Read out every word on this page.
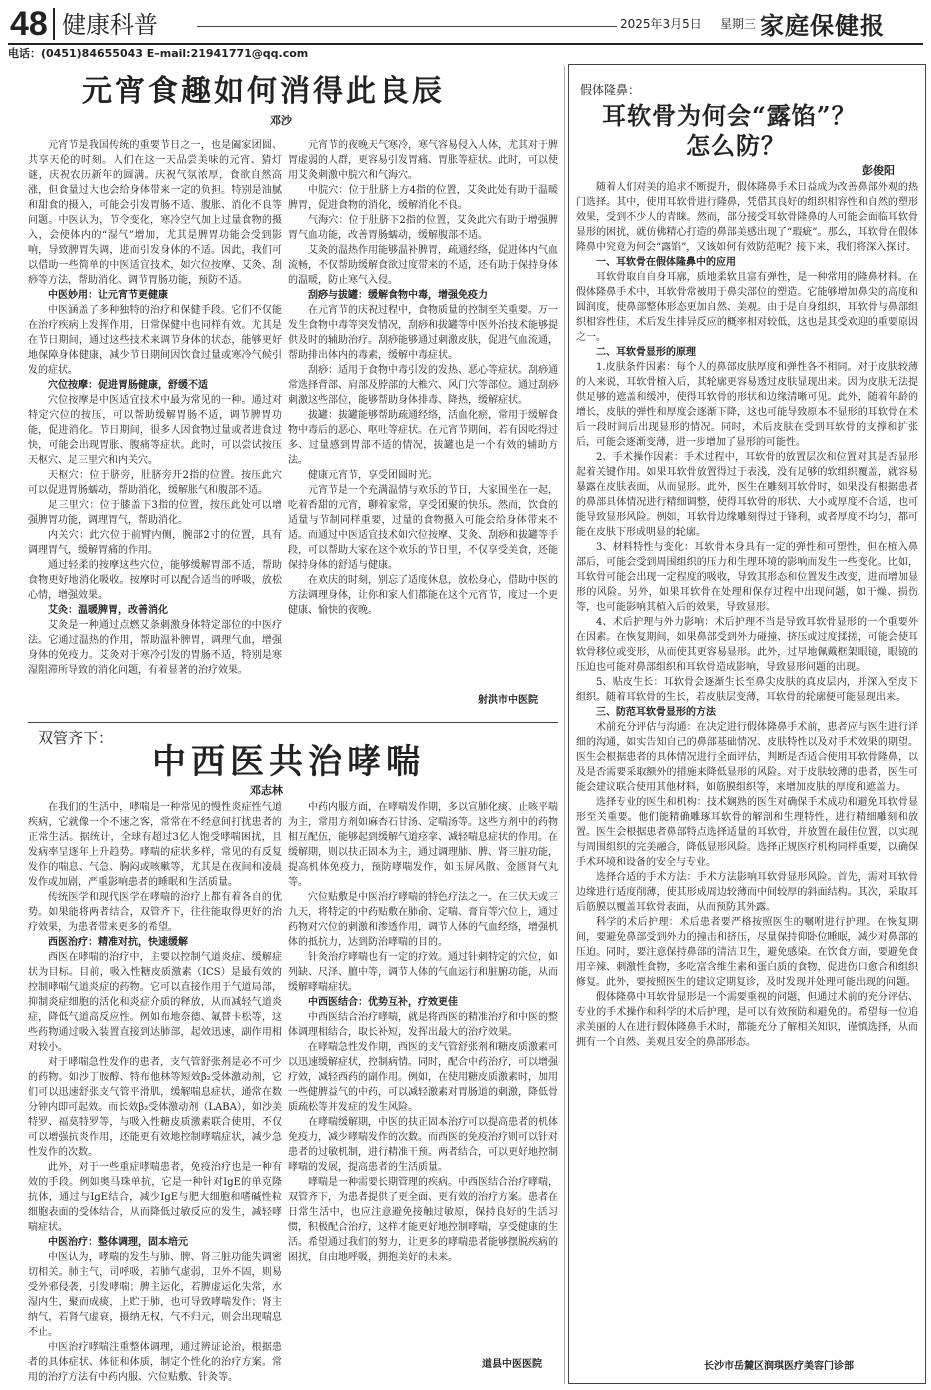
48 健康科普	2025年3月5日 星期三 家庭保健报
电话：(0451)84655043 E–mail:21941771@qq.com
元宵食趣如何消得此良辰
邓沙

元宵节是我国传统的重要节日之一，也是阖家团圆、共享天伦的时刻。人们在这一天品尝美味的元宵、猜灯谜，庆祝农历新年的圆满。庆祝气氛浓厚，食欲自然高涨，但食量过大也会给身体带来一定的负担。特别是油腻和甜食的摄入，可能会引发胃肠不适、腹胀、消化不良等问题。中医认为，节令变化，寒冷空气加上过量食物的摄入，会使体内的“湿气”增加，尤其是脾胃功能会受到影响，导致脾胃失调，进而引发身体的不适。因此，我们可以借助一些简单的中医适宜技术，如穴位按摩、艾灸、刮痧等方法，帮助消化、调节胃肠功能，预防不适。

中医妙用：让元宵节更健康

中医涵盖了多种独特的治疗和保健手段。它们不仅能在治疗疾病上发挥作用，日常保健中也同样有效。尤其是在节日期间，通过这些技术来调节身体的状态，能够更好地保障身体健康，减少节日期间因饮食过量或寒冷气候引发的症状。

穴位按摩：促进胃肠健康，舒缓不适

穴位按摩是中医适宜技术中最为常见的一种。通过对特定穴位的按压，可以帮助缓解胃肠不适，调节脾胃功能，促进消化。节日期间，很多人因食物过量或者进食过快，可能会出现胃胀、腹痛等症状。此时，可以尝试按压天枢穴、足三里穴和内关穴。

天枢穴：位于脐旁，肚脐旁开2指的位置。按压此穴可以促进胃肠蠕动，帮助消化，缓解胀气和腹部不适。

足三里穴：位于膝盖下3指的位置，按压此处可以增强脾胃功能，调理胃气，帮助消化。

内关穴：此穴位于前臂内侧，腕部2寸的位置，具有调理胃气，缓解胃痛的作用。

通过轻柔的按摩这些穴位，能够缓解胃部不适，帮助食物更好地消化吸收。按摩时可以配合适当的呼吸，放松心情，增强效果。

艾灸：温暖脾胃，改善消化

艾灸是一种通过点燃艾条刺激身体特定部位的中医疗法。它通过温热的作用，帮助温补脾胃，调理气血，增强身体的免疫力。艾灸对于寒冷引发的胃肠不适，特别是寒湿阻滞所导致的消化问题，有着显著的治疗效果。

元宵节的夜晚天气寒冷，寒气容易侵入人体，尤其对于脾胃虚弱的人群，更容易引发胃痛、胃胀等症状。此时，可以使用艾灸刺激中脘穴和气海穴。

中脘穴：位于肚脐上方4指的位置，艾灸此处有助于温暖脾胃，促进食物的消化，缓解消化不良。

气海穴：位于肚脐下2指的位置，艾灸此穴有助于增强脾胃气血功能，改善胃肠蠕动，缓解腹部不适。

艾灸的温热作用能够温补脾胃，疏通经络，促进体内气血流畅，不仅帮助缓解食欲过度带来的不适，还有助于保持身体的温暖，防止寒气入侵。

刮痧与拔罐：缓解食物中毒，增强免疫力

在元宵节的庆祝过程中，食物质量的控制至关重要。万一发生食物中毒等突发情况，刮痧和拔罐等中医外治技术能够提供及时的辅助治疗。刮痧能够通过刺激皮肤，促进气血流通，帮助排出体内的毒素，缓解中毒症状。

刮痧：适用于食物中毒引发的发热、恶心等症状。刮痧通常选择背部、肩部及脖部的大椎穴、风门穴等部位。通过刮痧刺激这些部位，能够帮助身体排毒、降热，缓解症状。

拔罐：拔罐能够帮助疏通经络，活血化瘀，常用于缓解食物中毒后的恶心、呕吐等症状。在元宵节期间，若有因吃得过多、过量感到胃部不适的情况，拔罐也是一个有效的辅助方法。

健康元宵节，享受团圆时光。

元宵节是一个充满温情与欢乐的节日，大家围坐在一起，吃着香甜的元宵，聊着家常，享受团聚的快乐。然而，饮食的适量与节制同样重要，过量的食物摄入可能会给身体带来不适。而通过中医适宜技术如穴位按摩、艾灸、刮痧和拔罐等手段，可以帮助大家在这个欢乐的节日里，不仅享受美食，还能保持身体的舒适与健康。

在欢庆的时刻，别忘了适度休息，放松身心，借助中医的方法调理身体，让你和家人们都能在这个元宵节，度过一个更健康、愉快的夜晚。

射洪市中医院
双管齐下：
中西医共治哮喘
邓志林

在我们的生活中，哮喘是一种常见的慢性炎症性气道疾病，它就像一个不速之客，常常在不经意间打扰患者的正常生活。据统计，全球有超过3亿人饱受哮喘困扰，且发病率呈逐年上升趋势。哮喘的症状多样，常见的有反复发作的喘息、气急、胸闷或咳嗽等，尤其是在夜间和凌晨发作或加剧，严重影响患者的睡眠和生活质量。

传统医学和现代医学在哮喘的治疗上都有着各自的优势。如果能将两者结合，双管齐下，往往能取得更好的治疗效果，为患者带来更多的希望。

西医治疗：精准对抗，快速缓解

西医在哮喘的治疗中，主要以控制气道炎症、缓解症状为目标。目前，吸入性糖皮质激素（ICS）是最有效的控制哮喘气道炎症的药物。它可以直接作用于气道局部，抑制炎症细胞的活化和炎症介质的释放，从而减轻气道炎症，降低气道高反应性。例如布地奈德、氟替卡松等，这些药物通过吸入装置直接到达肺部，起效迅速，副作用相对较小。

对于哮喘急性发作的患者，支气管舒张剂是必不可少的药物。如沙丁胺醇、特布他林等短效β₂受体激动剂，它们可以迅速舒张支气管平滑肌，缓解喘息症状，通常在数分钟内即可起效。而长效β₂受体激动剂（LABA），如沙美特罗、福莫特罗等，与吸入性糖皮质激素联合使用，不仅可以增强抗炎作用，还能更有效地控制哮喘症状，减少急性发作的次数。

此外，对于一些重症哮喘患者，免疫治疗也是一种有效的手段。例如奥马珠单抗，它是一种针对IgE的单克隆抗体，通过与IgE结合，减少IgE与肥大细胞和嗜碱性粒细胞表面的受体结合，从而降低过敏反应的发生，减轻哮喘症状。

中医治疗：整体调理，固本培元

中医认为，哮喘的发生与肺、脾、肾三脏功能失调密切相关。肺主气，司呼吸，若肺气虚弱，卫外不固，则易受外邪侵袭，引发哮喘；脾主运化，若脾虚运化失常，水湿内生，聚而成痰，上贮于肺，也可导致哮喘发作；肾主纳气，若肾气虚衰，摄纳无权，气不归元，则会出现喘息不止。

中医治疗哮喘注重整体调理，通过辨证论治，根据患者的具体症状、体征和体质，制定个性化的治疗方案。常用的治疗方法有中药内服、穴位贴敷、针灸等。

中药内服方面，在哮喘发作期，多以宣肺化痰、止咳平喘为主，常用方剂如麻杏石甘汤、定喘汤等。这些方剂中的药物相互配伍，能够起到缓解气道痉挛、减轻喘息症状的作用。在缓解期，则以扶正固本为主，通过调理肺、脾、肾三脏功能，提高机体免疫力，预防哮喘发作，如玉屏风散、金匮肾气丸等。

穴位贴敷是中医治疗哮喘的特色疗法之一。在三伏天或三九天，将特定的中药贴敷在肺俞、定喘、膏肓等穴位上，通过药物对穴位的刺激和渗透作用，调节人体的气血经络，增强机体的抵抗力，达到防治哮喘的目的。

针灸治疗哮喘也有一定的疗效。通过针刺特定的穴位，如列缺、尺泽、膻中等，调节人体的气血运行和脏腑功能，从而缓解哮喘症状。

中西医结合：优势互补，疗效更佳

中西医结合治疗哮喘，就是将西医的精准治疗和中医的整体调理相结合，取长补短，发挥出最大的治疗效果。

在哮喘急性发作期，西医的支气管舒张剂和糖皮质激素可以迅速缓解症状，控制病情。同时，配合中药治疗，可以增强疗效，减轻西药的副作用。例如，在使用糖皮质激素时，加用一些健脾益气的中药，可以减轻激素对胃肠道的刺激，降低骨质疏松等并发症的发生风险。

在哮喘缓解期，中医的扶正固本治疗可以提高患者的机体免疫力，减少哮喘发作的次数。而西医的免疫治疗则可以针对患者的过敏机制，进行精准干预。两者结合，可以更好地控制哮喘的发展，提高患者的生活质量。

哮喘是一种需要长期管理的疾病。中西医结合治疗哮喘，双管齐下，为患者提供了更全面、更有效的治疗方案。患者在日常生活中，也应注意避免接触过敏原，保持良好的生活习惯，积极配合治疗，这样才能更好地控制哮喘，享受健康的生活。希望通过我们的努力，让更多的哮喘患者能够摆脱疾病的困扰，自由地呼吸，拥抱美好的未来。

道县中医医院
假体隆鼻：
耳软骨为何会“露馅”？
怎么防？
彭俊阳

随着人们对美的追求不断提升，假体隆鼻手术日益成为改善鼻部外观的热门选择。其中，使用耳软骨进行隆鼻，凭借其良好的组织相容性和自然的塑形效果，受到不少人的青睐。然而，部分接受耳软骨隆鼻的人可能会面临耳软骨显形的困扰，就仿佛精心打造的鼻部美感出现了“瑕疵”。那么，耳软骨在假体隆鼻中究竟为何会“露馅”，又该如何有效防范呢？接下来，我们将深入探讨。

一、耳软骨在假体隆鼻中的应用

耳软骨取自自身耳廓，质地柔软且富有弹性，是一种常用的隆鼻材料。在假体隆鼻手术中，耳软骨常被用于鼻尖部位的塑造。它能够增加鼻尖的高度和圆润度，使鼻部整体形态更加自然、美观。由于是自身组织，耳软骨与鼻部组织相容性佳，术后发生排异反应的概率相对较低，这也是其受欢迎的重要原因之一。

二、耳软骨显形的原理

1.皮肤条件因素：每个人的鼻部皮肤厚度和弹性各不相同。对于皮肤较薄的人来说，耳软骨植入后，其轮廓更容易透过皮肤显现出来。因为皮肤无法提供足够的遮盖和缓冲，使得耳软骨的形状和边缘清晰可见。此外，随着年龄的增长，皮肤的弹性和厚度会逐渐下降，这也可能导致原本不显形的耳软骨在术后一段时间后出现显形的情况。同时，术后皮肤在受到耳软骨的支撑和扩张后，可能会逐渐变薄，进一步增加了显形的可能性。

2、手术操作因素：手术过程中，耳软骨的放置层次和位置对其是否显形起着关键作用。如果耳软骨放置得过于表浅，没有足够的软组织覆盖，就容易暴露在皮肤表面，从而显形。此外，医生在雕刻耳软骨时，如果没有根据患者的鼻部具体情况进行精细调整，使得耳软骨的形状、大小或厚度不合适，也可能导致显形风险。例如，耳软骨边缘雕刻得过于锋利，或者厚度不均匀，都可能在皮肤下形成明显的轮廓。

3、材料特性与变化：耳软骨本身具有一定的弹性和可塑性，但在植入鼻部后，可能会受到周围组织的压力和生理环境的影响而发生一些变化。比如，耳软骨可能会出现一定程度的吸收，导致其形态和位置发生改变，进而增加显形的风险。另外，如果耳软骨在处理和保存过程中出现问题，如干燥、损伤等，也可能影响其植入后的效果，导致显形。

4、术后护理与外力影响：术后护理不当是导致耳软骨显形的一个重要外在因素。在恢复期间，如果鼻部受到外力碰撞、挤压或过度揉搓，可能会使耳软骨移位或变形，从而使其更容易显形。此外，过早地佩戴框架眼镜，眼镜的压迫也可能对鼻部组织和耳软骨造成影响，导致显形问题的出现。

5、贴皮生长：耳软骨会逐渐生长至鼻尖皮肤的真皮层内，并深入至皮下组织。随着耳软骨的生长，若皮肤层变薄，耳软骨的轮廓便可能显现出来。

三、防范耳软骨显形的方法

术前充分评估与沟通：在决定进行假体隆鼻手术前，患者应与医生进行详细的沟通，如实告知自己的鼻部基础情况、皮肤特性以及对手术效果的期望。医生会根据患者的具体情况进行全面评估，判断是否适合使用耳软骨隆鼻，以及是否需要采取额外的措施来降低显形的风险。对于皮肤较薄的患者，医生可能会建议联合使用其他材料，如筋膜组织等，来增加皮肤的厚度和遮盖力。

选择专业的医生和机构：技术娴熟的医生对确保手术成功和避免耳软骨显形至关重要。他们能精确雕琢耳软骨的解剖和生理特性，进行精细雕刻和放置。医生会根据患者鼻部特点选择适量的耳软骨，并放置在最佳位置，以实现与周围组织的完美融合，降低显形风险。选择正规医疗机构同样重要，以确保手术环境和设备的安全与专业。

选择合适的手术方法：手术方法影响耳软骨显形风险。首先，需对耳软骨边缘进行适度削薄，使其形成周边较薄而中间较厚的斜面结构。其次，采取耳后筋膜以覆盖耳软骨表面，从而预防其外露。

科学的术后护理：术后患者要严格按照医生的嘱咐进行护理。在恢复期间，要避免鼻部受到外力的撞击和挤压，尽量保持仰卧位睡眠，减少对鼻部的压迫。同时，要注意保持鼻部的清洁卫生，避免感染。在饮食方面，要避免食用辛辣、刺激性食物，多吃富含维生素和蛋白质的食物，促进伤口愈合和组织修复。此外，要按照医生的建议定期复诊，及时发现并处理可能出现的问题。

假体隆鼻中耳软骨显形是一个需要重视的问题，但通过术前的充分评估、专业的手术操作和科学的术后护理，是可以有效预防和避免的。希望每一位追求美丽的人在进行假体隆鼻手术时，都能充分了解相关知识，谨慎选择，从而拥有一个自然、美观且安全的鼻部形态。

长沙市岳麓区润琪医疗美容门诊部
